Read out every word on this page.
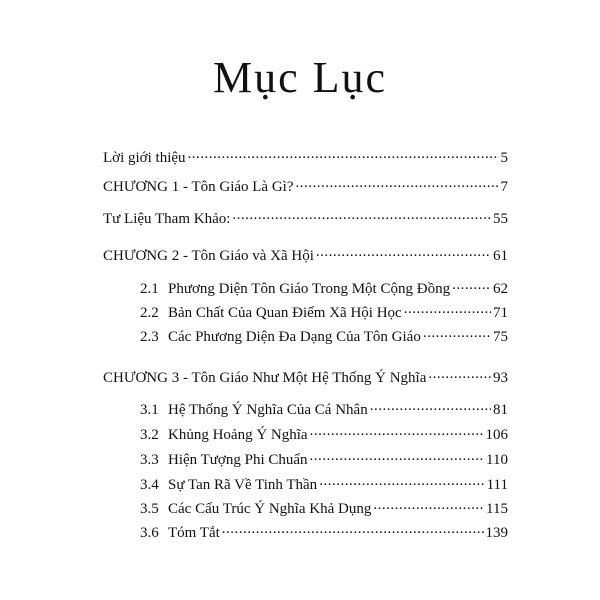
Mục Lục
Lời giới thiệu .....	5
CHƯƠNG 1 - Tôn Giáo Là Gì? .....	7
Tư Liệu Tham Khảo: .....	55
CHƯƠNG 2 - Tôn Giáo và Xã Hội .....	61
2.1 Phương Diện Tôn Giáo Trong Một Cộng Đồng .....	62
2.2 Bản Chất Của Quan Điểm Xã Hội Học .....	71
2.3 Các Phương Diện Đa Dạng Của Tôn Giáo .....	75
CHƯƠNG 3 - Tôn Giáo Như Một Hệ Thống Ý Nghĩa .....	93
3.1 Hệ Thống Ý Nghĩa Của Cá Nhân .....	81
3.2 Khủng Hoảng Ý Nghĩa .....	106
3.3 Hiện Tượng Phi Chuẩn .....	110
3.4 Sự Tan Rã Về Tinh Thần .....	111
3.5 Các Cấu Trúc Ý Nghĩa Khả Dụng .....	115
3.6 Tóm Tắt .....	139
